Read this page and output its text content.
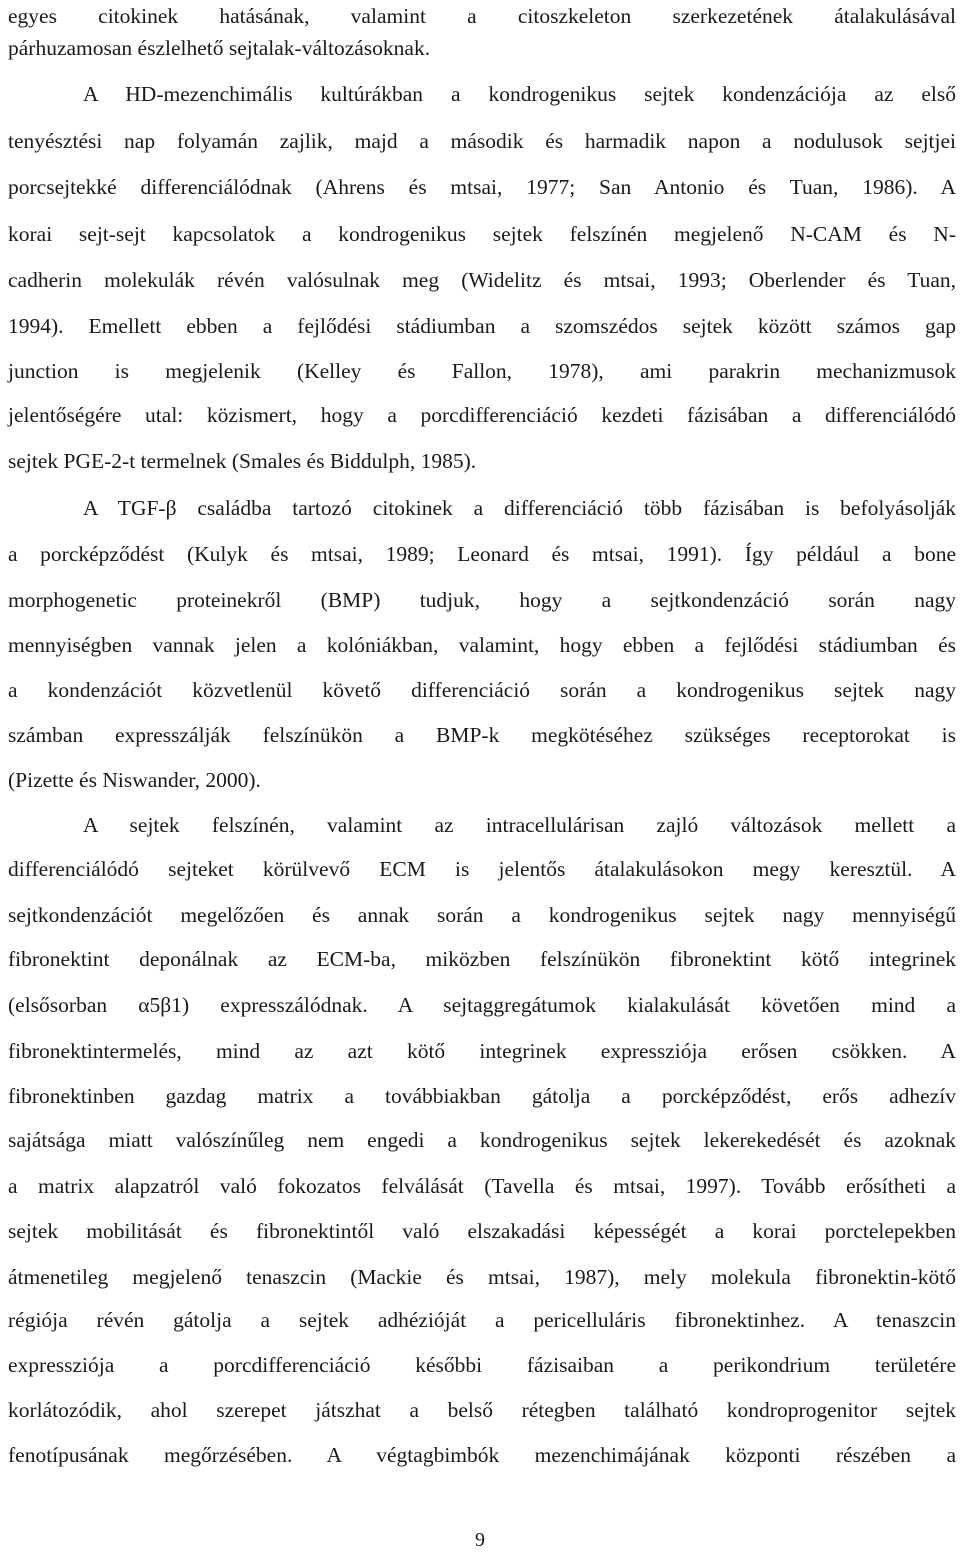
egyes citokinek hatásának, valamint a citoszkeleton szerkezetének átalakulásával
párhuzamosan észlelhető sejtalak-változásoknak.
A HD-mezenchimális kultúrákban a kondrogenikus sejtek kondenzációja az első
tenyésztési nap folyamán zajlik, majd a második és harmadik napon a nodulusok sejtjei
porcsejtekké differenciálódnak (Ahrens és mtsai, 1977; San Antonio és Tuan, 1986). A
korai sejt-sejt kapcsolatok a kondrogenikus sejtek felszínén megjelenő N-CAM és N-
cadherin molekulák révén valósulnak meg (Widelitz és mtsai, 1993; Oberlender és Tuan,
1994). Emellett ebben a fejlődési stádiumban a szomszédos sejtek között számos gap
junction is megjelenik (Kelley és Fallon, 1978), ami parakrin mechanizmusok
jelentőségére utal: közismert, hogy a porcdifferenciáció kezdeti fázisában a differenciálódó
sejtek PGE-2-t termelnek (Smales és Biddulph, 1985).
A TGF-β családba tartozó citokinek a differenciáció több fázisában is befolyásolják
a porcképződést (Kulyk és mtsai, 1989; Leonard és mtsai, 1991). Így például a bone
morphogenetic proteinekről (BMP) tudjuk, hogy a sejtkondenzáció során nagy
mennyiségben vannak jelen a kolóniákban, valamint, hogy ebben a fejlődési stádiumban és
a kondenzációt közvetlenül követő differenciáció során a kondrogenikus sejtek nagy
számban expresszálják felszínükön a BMP-k megkötéséhez szükséges receptorokat is
(Pizette és Niswander, 2000).
A sejtek felszínén, valamint az intracellulárisan zajló változások mellett a
differenciálódó sejteket körülvevő ECM is jelentős átalakulásokon megy keresztül. A
sejtkondenzációt megelőzően és annak során a kondrogenikus sejtek nagy mennyiségű
fibronektint deponálnak az ECM-ba, miközben felszínükön fibronektint kötő integrinek
(elsősorban α5β1) expresszálódnak. A sejtaggregátumok kialakulását követően mind a
fibronektintermelés, mind az azt kötő integrinek expressziója erősen csökken. A
fibronektinben gazdag matrix a továbbiakban gátolja a porcképződést, erős adhezív
sajátsága miatt valószínűleg nem engedi a kondrogenikus sejtek lekerekedését és azoknak
a matrix alapzatról való fokozatos felválását (Tavella és mtsai, 1997). Tovább erősítheti a
sejtek mobilitását és fibronektintől való elszakadási képességét a korai porctelepekben
átmenetileg megjelenő tenaszcin (Mackie és mtsai, 1987), mely molekula fibronektin-kötő
régiója révén gátolja a sejtek adhézióját a pericelluláris fibronektinhez. A tenaszcin
expressziója a porcdifferenciáció későbbi fázisaiban a perikondrium területére
korlátozódik, ahol szerepet játszhat a belső rétegben található kondroprogenitor sejtek
fenotípusának megőrzésében. A végtagbimbók mezenchimájának központi részében a
9
